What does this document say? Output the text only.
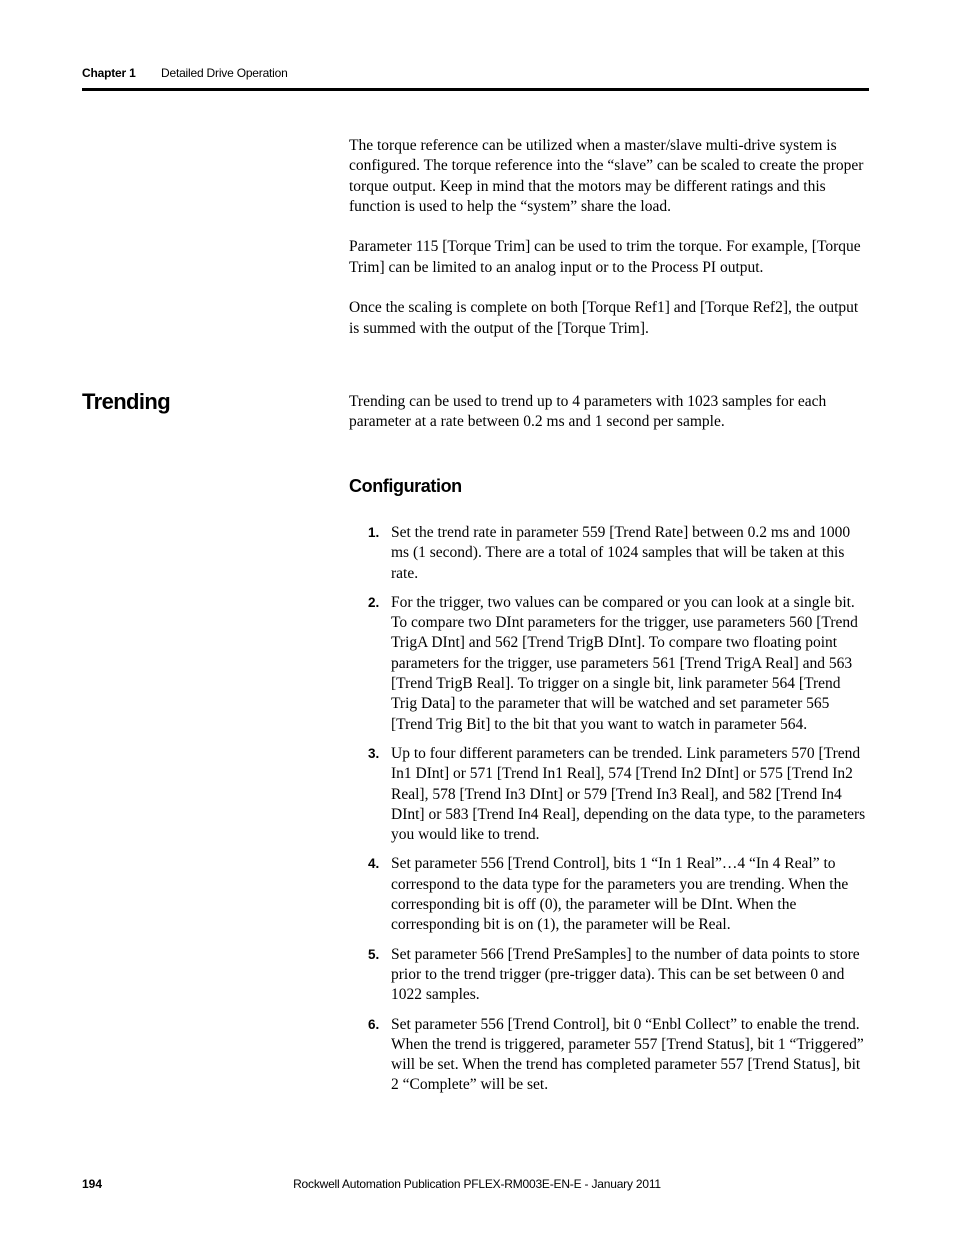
Chapter 1 Detailed Drive Operation

The torque reference can be utilized when a master/slave multi-drive system is configured. The torque reference into the “slave” can be scaled to create the proper torque output. Keep in mind that the motors may be different ratings and this function is used to help the “system” share the load.

Parameter 115 [Torque Trim] can be used to trim the torque. For example, [Torque Trim] can be limited to an analog input or to the Process PI output.

Once the scaling is complete on both [Torque Ref1] and [Torque Ref2], the output is summed with the output of the [Torque Trim].

Trending	Trending can be used to trend up to 4 parameters with 1023 samples for each parameter at a rate between 0.2 ms and 1 second per sample.

Configuration
1. Set the trend rate in parameter 559 [Trend Rate] between 0.2 ms and 1000 ms (1 second). There are a total of 1024 samples that will be taken at this rate.
2. For the trigger, two values can be compared or you can look at a single bit. To compare two DInt parameters for the trigger, use parameters 560 [Trend TrigA DInt] and 562 [Trend TrigB DInt]. To compare two floating point parameters for the trigger, use parameters 561 [Trend TrigA Real] and 563 [Trend TrigB Real]. To trigger on a single bit, link parameter 564 [Trend Trig Data] to the parameter that will be watched and set parameter 565 [Trend Trig Bit] to the bit that you want to watch in parameter 564.
3. Up to four different parameters can be trended. Link parameters 570 [Trend In1 DInt] or 571 [Trend In1 Real], 574 [Trend In2 DInt] or 575 [Trend In2 Real], 578 [Trend In3 DInt] or 579 [Trend In3 Real], and 582 [Trend In4 DInt] or 583 [Trend In4 Real], depending on the data type, to the parameters you would like to trend.
4. Set parameter 556 [Trend Control], bits 1 “In 1 Real”…4 “In 4 Real” to correspond to the data type for the parameters you are trending. When the corresponding bit is off (0), the parameter will be DInt. When the corresponding bit is on (1), the parameter will be Real.
5. Set parameter 566 [Trend PreSamples] to the number of data points to store prior to the trend trigger (pre-trigger data). This can be set between 0 and 1022 samples.
6. Set parameter 556 [Trend Control], bit 0 “Enbl Collect” to enable the trend. When the trend is triggered, parameter 557 [Trend Status], bit 1 “Triggered” will be set. When the trend has completed parameter 557 [Trend Status], bit 2 “Complete” will be set.
194	Rockwell Automation Publication PFLEX-RM003E-EN-E - January 2011
